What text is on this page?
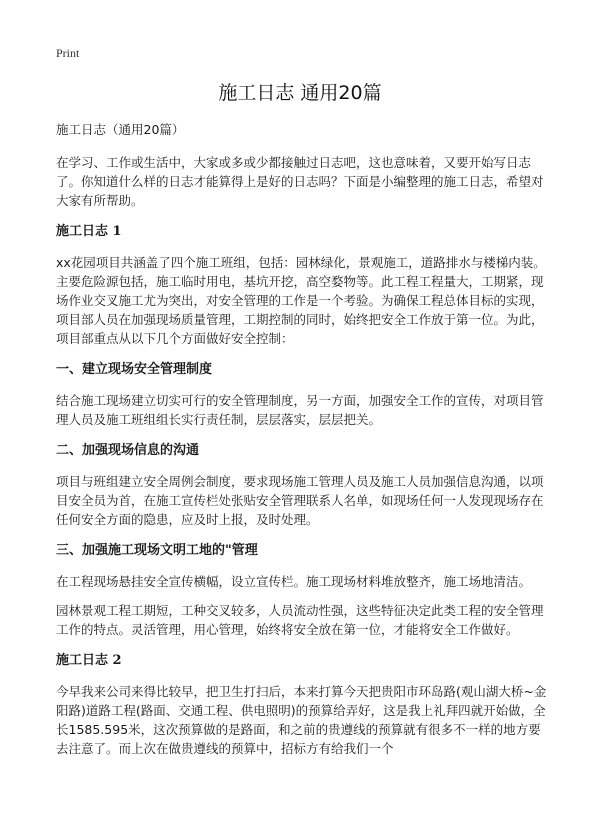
Print
施工日志 通用20篇

施工日志（通用20篇）

在学习、工作或生活中，大家或多或少都接触过日志吧，这也意味着，又要开始写日志了。你知道什么样的日志才能算得上是好的日志吗？下面是小编整理的施工日志，希望对大家有所帮助。

施工日志 1

xx花园项目共涵盖了四个施工班组，包括：园林绿化，景观施工，道路排水与楼梯内装。主要危险源包括，施工临时用电，基坑开挖，高空婺物等。此工程工程量大，工期紧，现场作业交叉施工尤为突出，对安全管理的工作是一个考验。为确保工程总体目标的实现，项目部人员在加强现场质量管理，工期控制的同时，始终把安全工作放于第一位。为此，项目部重点从以下几个方面做好安全控制：

一、建立现场安全管理制度

结合施工现场建立切实可行的安全管理制度，另一方面，加强安全工作的宣传，对项目管理人员及施工班组组长实行责任制，层层落实，层层把关。

二、加强现场信息的沟通

项目与班组建立安全周例会制度，要求现场施工管理人员及施工人员加强信息沟通，以项目安全员为首，在施工宣传栏处张贴安全管理联系人名单，如现场任何一人发现现场存在任何安全方面的隐患，应及时上报，及时处理。

三、加强施工现场文明工地的"管理

在工程现场悬挂安全宣传横幅，设立宣传栏。施工现场材料堆放整齐，施工场地清洁。

园林景观工程工期短，工种交叉较多，人员流动性强，这些特征决定此类工程的安全管理工作的特点。灵活管理，用心管理，始终将安全放在第一位，才能将安全工作做好。

施工日志 2

今早我来公司来得比较早，把卫生打扫后，本来打算今天把贵阳市环岛路(观山湖大桥~金阳路)道路工程(路面、交通工程、供电照明)的预算给弄好，这是我上礼拜四就开始做，全长1585.595米，这次预算做的是路面，和之前的贵遵线的预算就有很多不一样的地方要去注意了。而上次在做贵遵线的预算中，招标方有给我们一个
